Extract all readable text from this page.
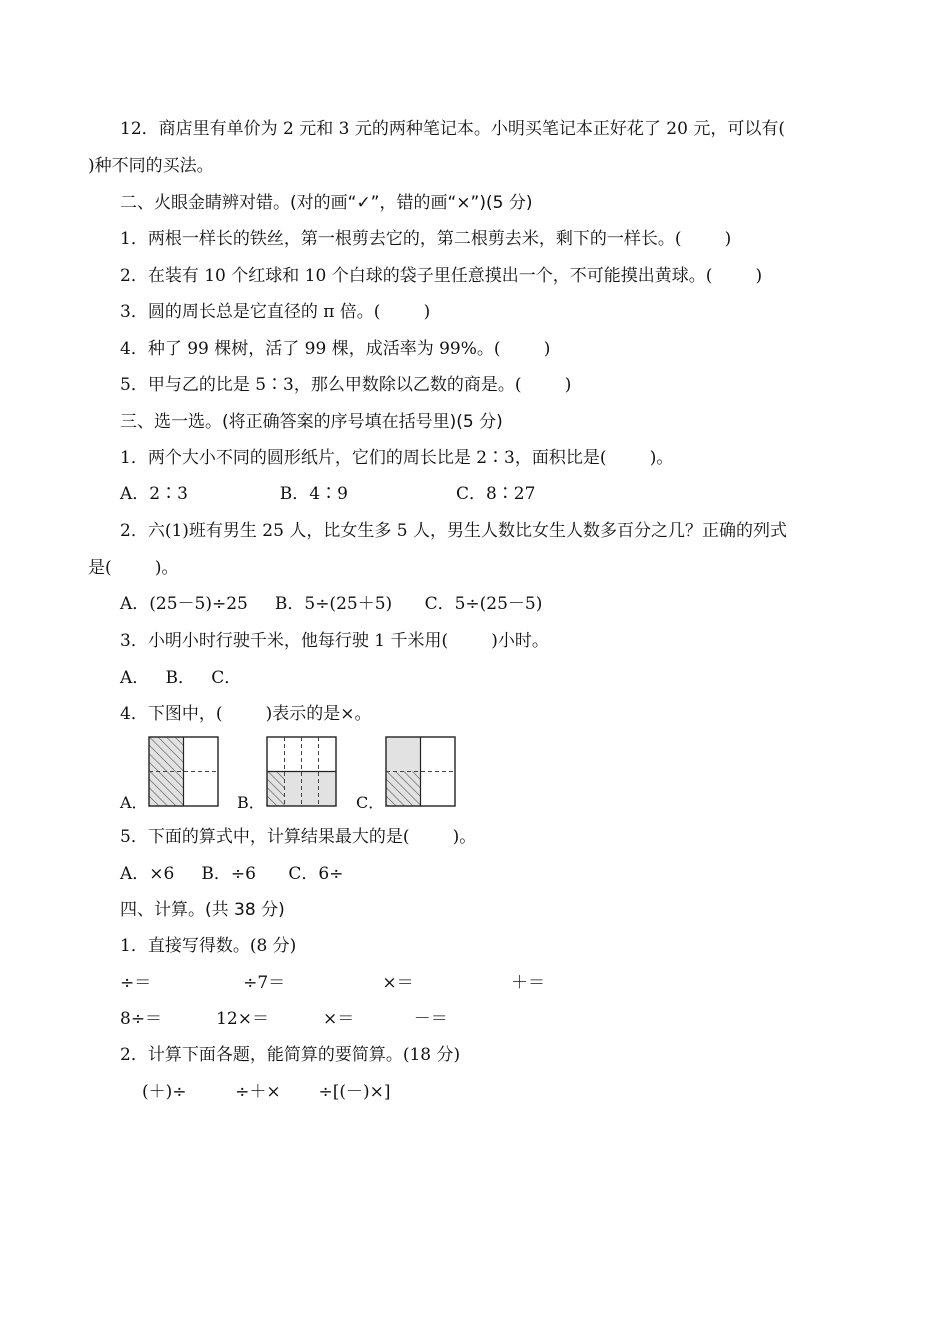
12．商店里有单价为 2 元和 3 元的两种笔记本。小明买笔记本正好花了 20 元，可以有(
)种不同的买法。
二、火眼金睛辨对错。(对的画“✓”，错的画“×”)(5 分)
1．两根一样长的铁丝，第一根剪去它的，第二根剪去米，剩下的一样长。(        )
2．在装有 10 个红球和 10 个白球的袋子里任意摸出一个，不可能摸出黄球。(        )
3．圆的周长总是它直径的 π 倍。(        )
4．种了 99 棵树，活了 99 棵，成活率为 99%。(        )
5．甲与乙的比是 5∶3，那么甲数除以乙数的商是。(        )
三、选一选。(将正确答案的序号填在括号里)(5 分)
1．两个大小不同的圆形纸片，它们的周长比是 2∶3，面积比是(        )。
A．2∶3                 B．4∶9                    C．8∶27
2．六(1)班有男生 25 人，比女生多 5 人，男生人数比女生人数多百分之几？正确的列式
是(        )。
A．(25－5)÷25     B．5÷(25＋5)      C．5÷(25－5)
3．小明小时行驶千米，他每行驶 1 千米用(        )小时。
A．   B．   C．
4．下图中，(        )表示的是×。
A．	B．	C．
5．下面的算式中，计算结果最大的是(        )。
A．×6     B．÷6      C．6÷
四、计算。(共 38 分)
1．直接写得数。(8 分)
÷＝                 ÷7＝                  ×＝                  ＋＝
8÷＝          12×＝          ×＝           －＝
2．计算下面各题，能简算的要简算。(18 分)
(＋)÷         ÷＋×       ÷[(－)×]
